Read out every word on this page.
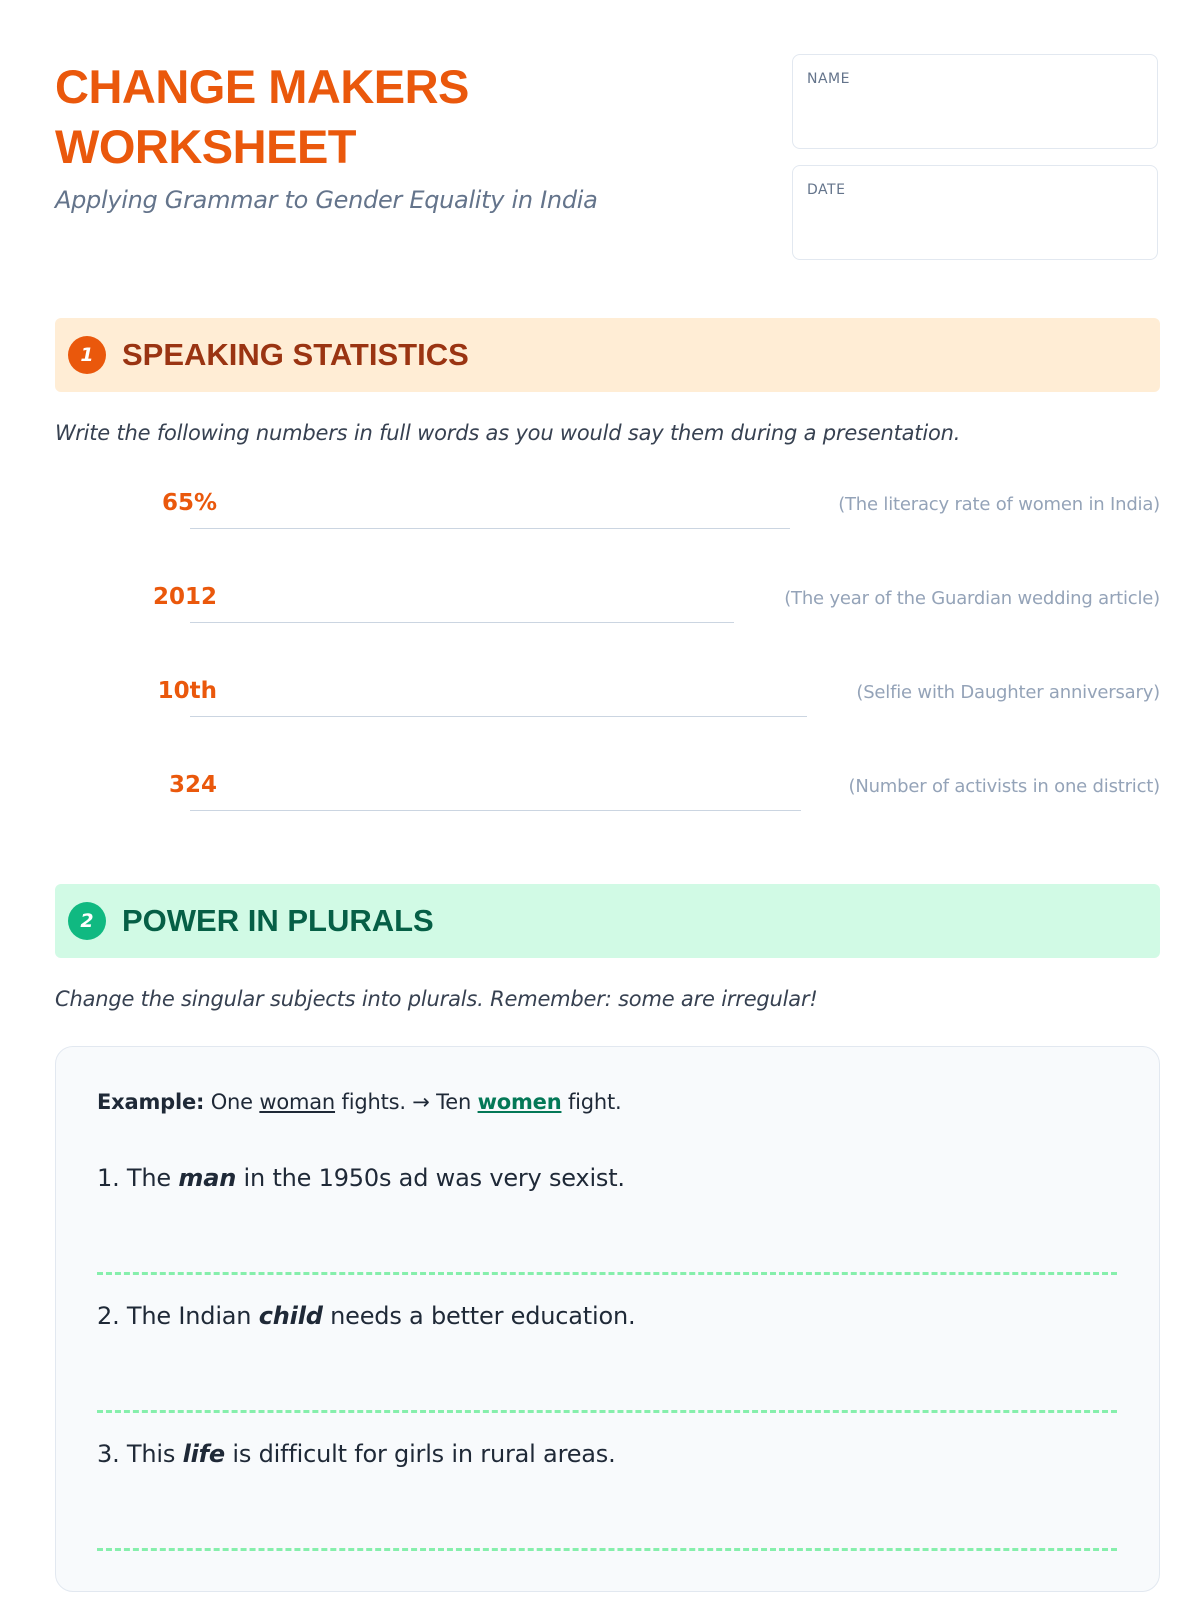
CHANGE MAKERS
WORKSHEET

Applying Grammar to Gender Equality in India

NAME
DATE
1 SPEAKING STATISTICS

Write the following numbers in full words as you would say them during a presentation.

65%	(The literacy rate of women in India)
2012	(The year of the Guardian wedding article)
10th	(Selfie with Daughter anniversary)
324	(Number of activists in one district)
2 POWER IN PLURALS

Change the singular subjects into plurals. Remember: some are irregular!

Example: One woman fights. → Ten women fight.
1. The man in the 1950s ad was very sexist.
2. The Indian child needs a better education.
3. This life is difficult for girls in rural areas.
